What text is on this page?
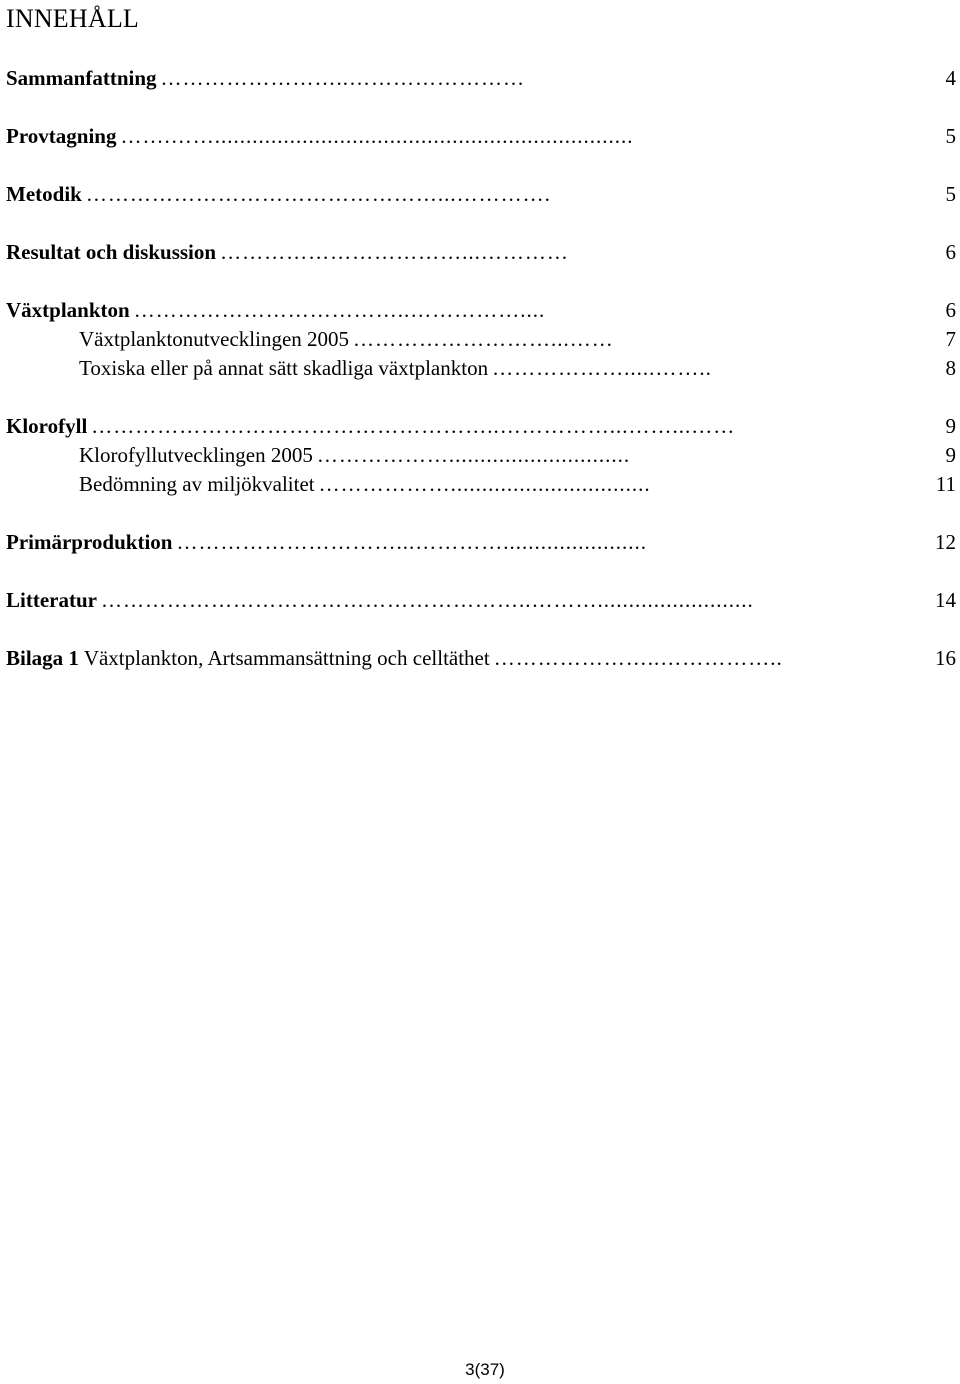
INNEHÅLL
Sammanfattning ……………………..……………………	4
Provtagning …….……...................................................................	5
Metodik …………………………………………...………….	5
Resultat och diskussion ……………………………...…………	6
Växtplankton ………………………………..……………....	6
Växtplanktonutvecklingen 2005 ………………………...……	7
Toxiska eller på annat sätt skadliga växtplankton ……………….....……..	8
Klorofyll ………………………………………………..……………...……...……	9
Klorofyllutvecklingen 2005 ……………….............................	9
Bedömning av miljökvalitet ………………................................	11
Primärproduktion …………………………...………….......................	12
Litteratur …………………………………………………..……….........................	14
Bilaga 1 Växtplankton, Artsammansättning och celltäthet …………………..……………..	16
3(37)
